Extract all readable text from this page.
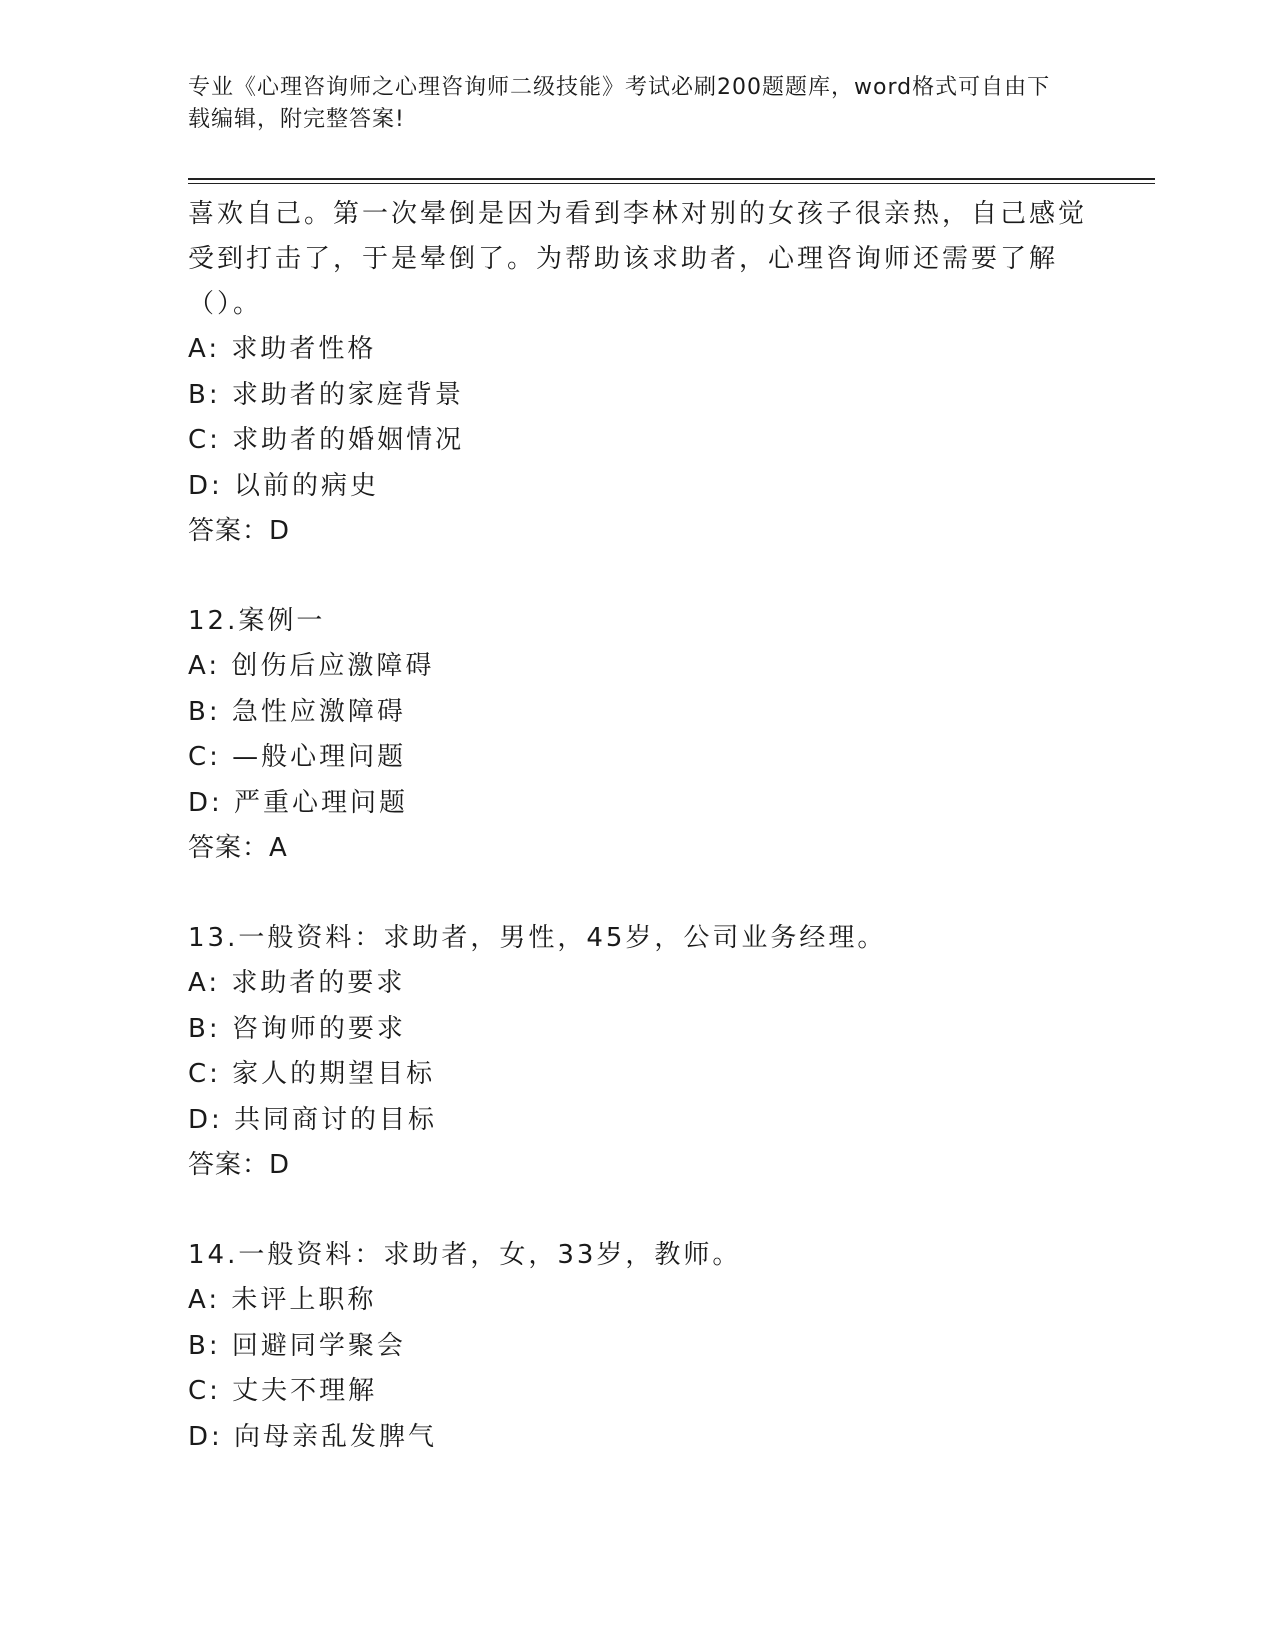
专业《心理咨询师之心理咨询师二级技能》考试必刷200题题库，word格式可自由下载编辑，附完整答案!

喜欢自己。第一次晕倒是因为看到李林对别的女孩子很亲热，自己感觉受到打击了，于是晕倒了。为帮助该求助者，心理咨询师还需要了解（）。

A: 求助者性格
B: 求助者的家庭背景
C: 求助者的婚姻情况
D: 以前的病史
答案：D
12.案例一
A: 创伤后应激障碍
B: 急性应激障碍
C: —般心理问题
D: 严重心理问题
答案：A
13.一般资料：求助者，男性，45岁，公司业务经理。
A: 求助者的要求
B: 咨询师的要求
C: 家人的期望目标
D: 共同商讨的目标
答案：D
14.一般资料：求助者，女，33岁，教师。
A: 未评上职称
B: 回避同学聚会
C: 丈夫不理解
D: 向母亲乱发脾气
